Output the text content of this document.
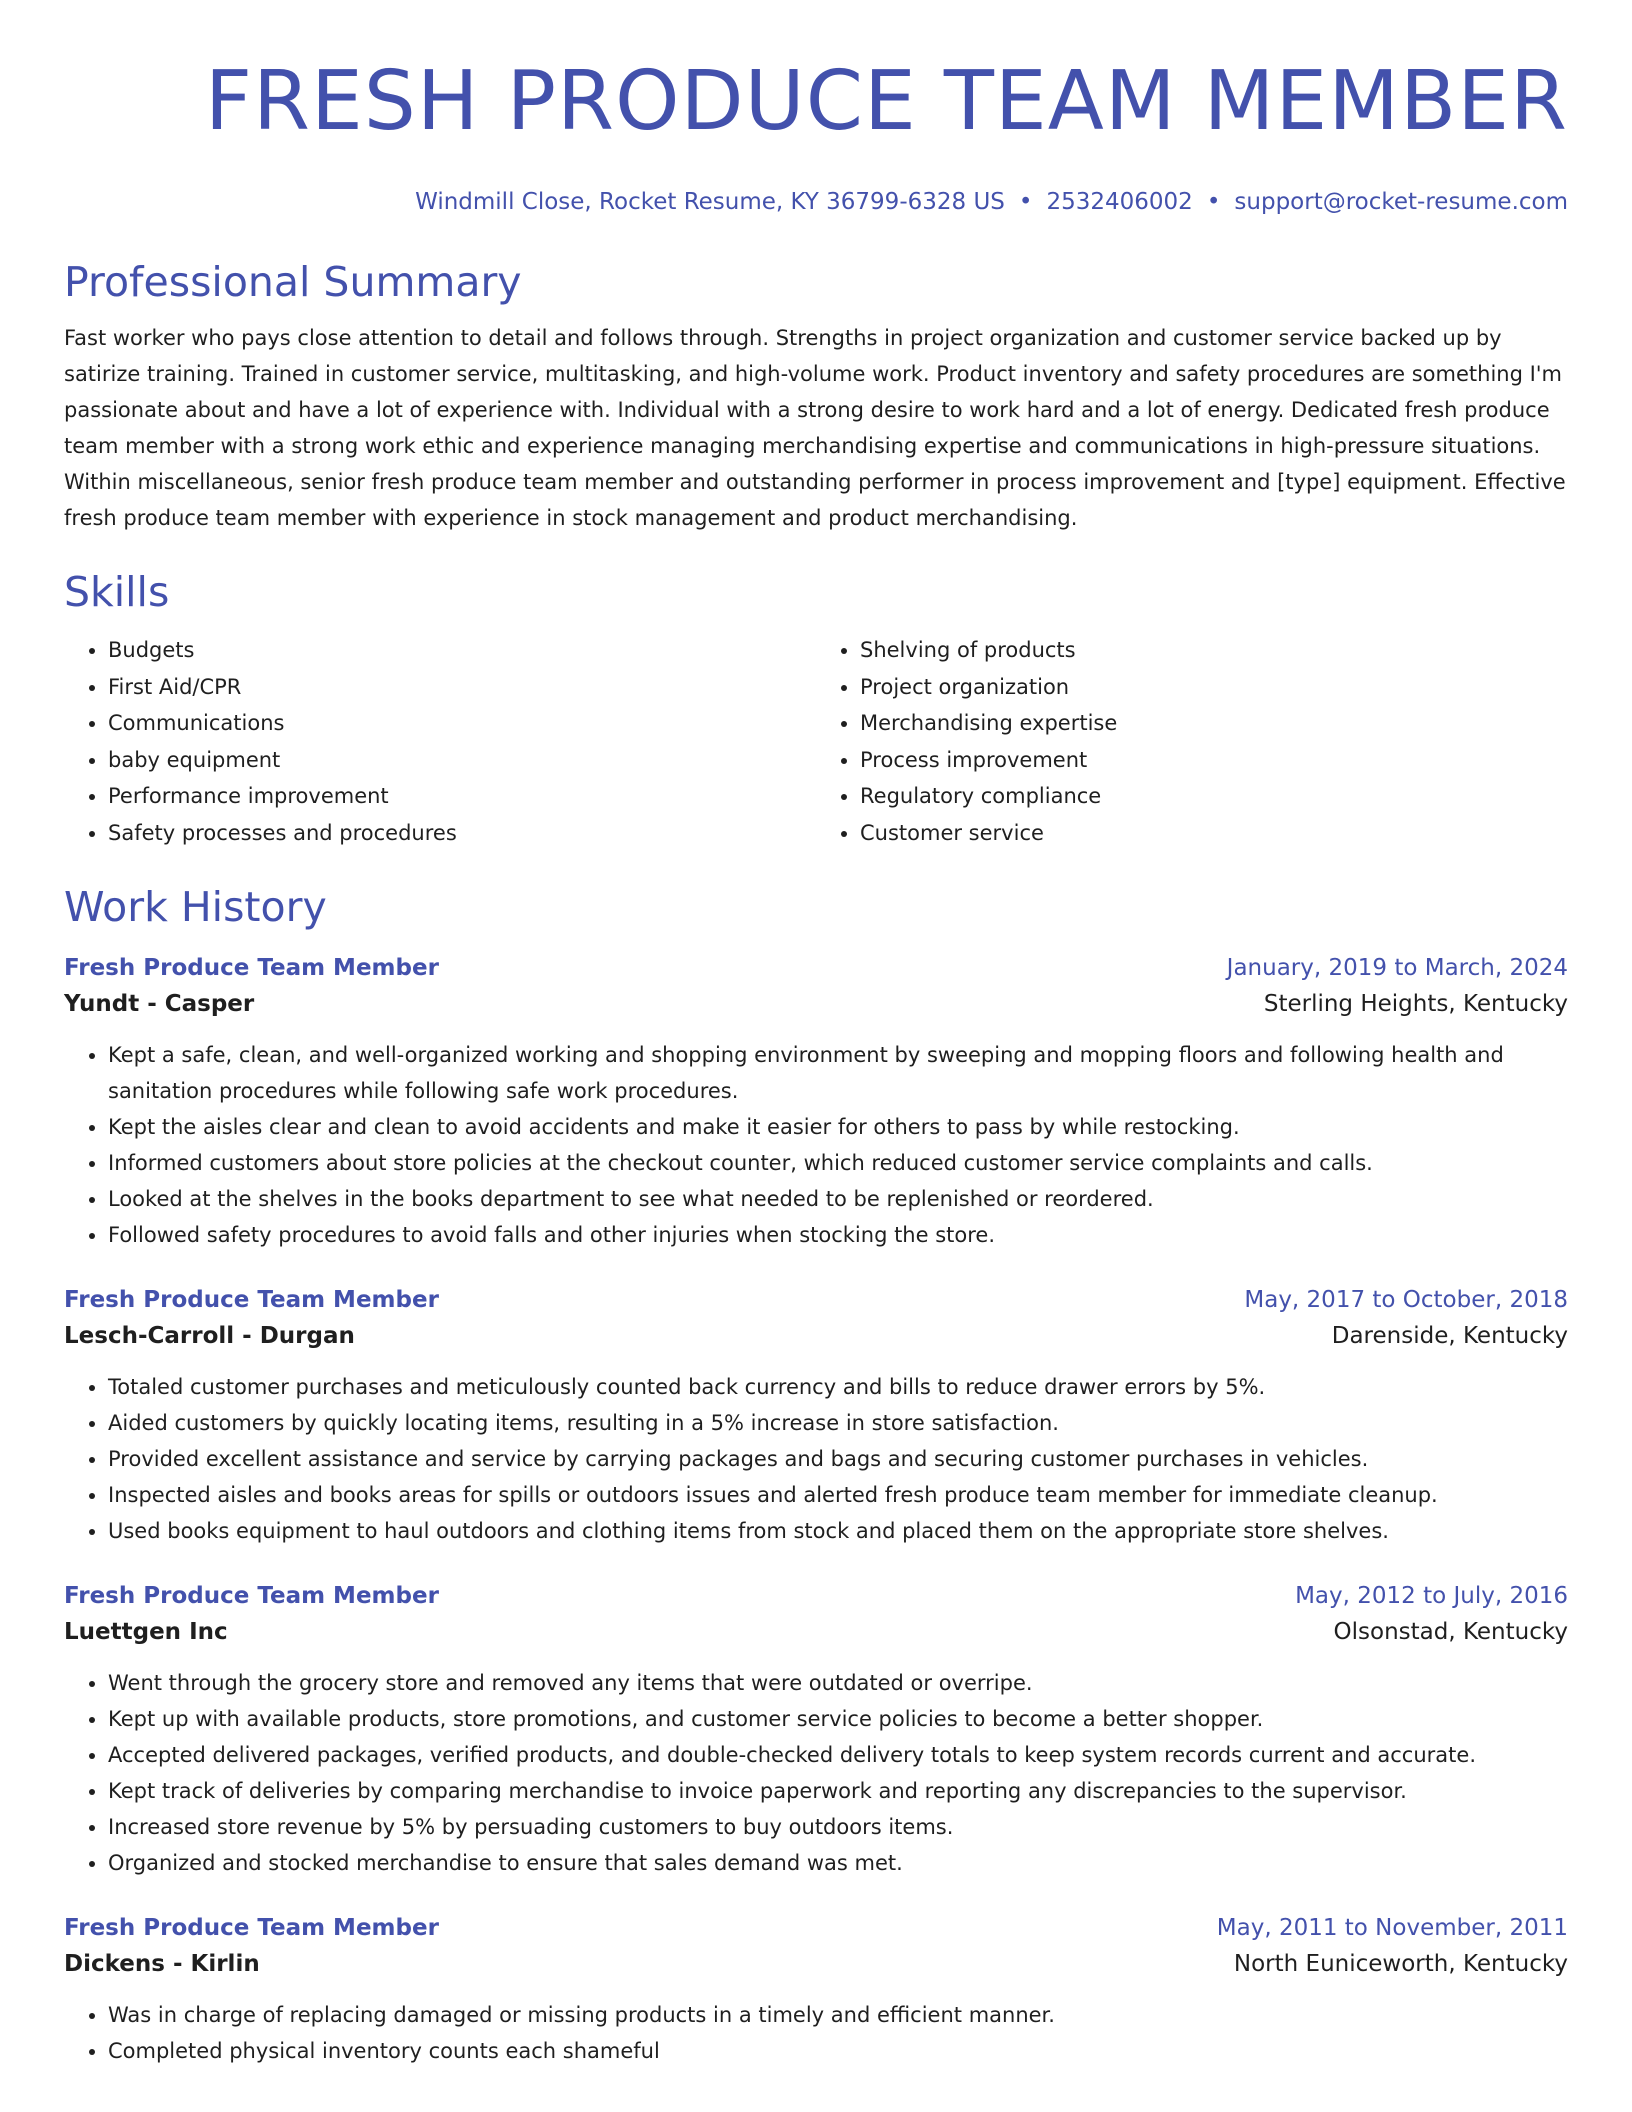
FRESH PRODUCE TEAM MEMBER
Windmill Close, Rocket Resume, KY 36799-6328 US • 2532406002 • support@rocket-resume.com
Professional Summary

Fast worker who pays close attention to detail and follows through. Strengths in project organization and customer service backed up by satirize training. Trained in customer service, multitasking, and high-volume work. Product inventory and safety procedures are something I'm passionate about and have a lot of experience with. Individual with a strong desire to work hard and a lot of energy. Dedicated fresh produce team member with a strong work ethic and experience managing merchandising expertise and communications in high-pressure situations. Within miscellaneous, senior fresh produce team member and outstanding performer in process improvement and [type] equipment. Effective fresh produce team member with experience in stock management and product merchandising.

Skills
• Budgets
• First Aid/CPR
• Communications
• baby equipment
• Performance improvement
• Safety processes and procedures
• Shelving of products
• Project organization
• Merchandising expertise
• Process improvement
• Regulatory compliance
• Customer service
Work History
Fresh Produce Team Member	January, 2019 to March, 2024
Yundt - Casper	Sterling Heights, Kentucky
• Kept a safe, clean, and well-organized working and shopping environment by sweeping and mopping floors and following health and sanitation procedures while following safe work procedures.
• Kept the aisles clear and clean to avoid accidents and make it easier for others to pass by while restocking.
• Informed customers about store policies at the checkout counter, which reduced customer service complaints and calls.
• Looked at the shelves in the books department to see what needed to be replenished or reordered.
• Followed safety procedures to avoid falls and other injuries when stocking the store.
Fresh Produce Team Member	May, 2017 to October, 2018
Lesch-Carroll - Durgan	Darenside, Kentucky
• Totaled customer purchases and meticulously counted back currency and bills to reduce drawer errors by 5%.
• Aided customers by quickly locating items, resulting in a 5% increase in store satisfaction.
• Provided excellent assistance and service by carrying packages and bags and securing customer purchases in vehicles.
• Inspected aisles and books areas for spills or outdoors issues and alerted fresh produce team member for immediate cleanup.
• Used books equipment to haul outdoors and clothing items from stock and placed them on the appropriate store shelves.
Fresh Produce Team Member	May, 2012 to July, 2016
Luettgen Inc	Olsonstad, Kentucky
• Went through the grocery store and removed any items that were outdated or overripe.
• Kept up with available products, store promotions, and customer service policies to become a better shopper.
• Accepted delivered packages, verified products, and double-checked delivery totals to keep system records current and accurate.
• Kept track of deliveries by comparing merchandise to invoice paperwork and reporting any discrepancies to the supervisor.
• Increased store revenue by 5% by persuading customers to buy outdoors items.
• Organized and stocked merchandise to ensure that sales demand was met.
Fresh Produce Team Member	May, 2011 to November, 2011
Dickens - Kirlin	North Euniceworth, Kentucky
• Was in charge of replacing damaged or missing products in a timely and efficient manner.
• Completed physical inventory counts each shameful
